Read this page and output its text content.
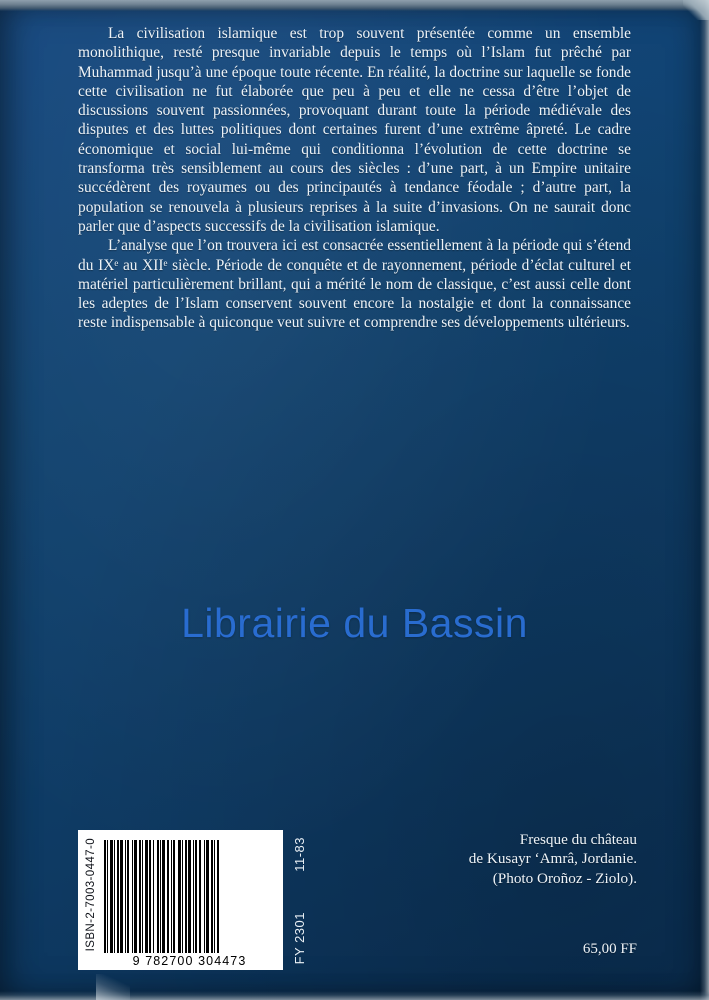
La civilisation islamique est trop souvent présentée comme un ensemble monolithique, resté presque invariable depuis le temps où l’Islam fut prêché par Muhammad jusqu’à une époque toute récente. En réalité, la doctrine sur laquelle se fonde cette civilisation ne fut élaborée que peu à peu et elle ne cessa d’être l’objet de discussions souvent passionnées, provoquant durant toute la période médiévale des disputes et des luttes politiques dont certaines furent d’une extrême âpreté. Le cadre économique et social lui-même qui conditionna l’évolution de cette doctrine se transforma très sensiblement au cours des siècles : d’une part, à un Empire unitaire succédèrent des royaumes ou des principautés à tendance féodale ; d’autre part, la population se renouvela à plusieurs reprises à la suite d’invasions. On ne saurait donc parler que d’aspects successifs de la civilisation islamique.

L’analyse que l’on trouvera ici est consacrée essentiellement à la période qui s’étend du IXᵉ au XIIᵉ siècle. Période de conquête et de rayonnement, période d’éclat culturel et matériel particulièrement brillant, qui a mérité le nom de classique, c’est aussi celle dont les adeptes de l’Islam conservent souvent encore la nostalgie et dont la connaissance reste indispensable à quiconque veut suivre et comprendre ses développements ultérieurs.

Librairie du Bassin
ISBN-2-7003-0447-0
9 782700 304473	FY 2301
11-83	Fresque du château
de Kusayr ‘Amrâ, Jordanie.
(Photo Oroñoz - Ziolo).
65,00 FF
